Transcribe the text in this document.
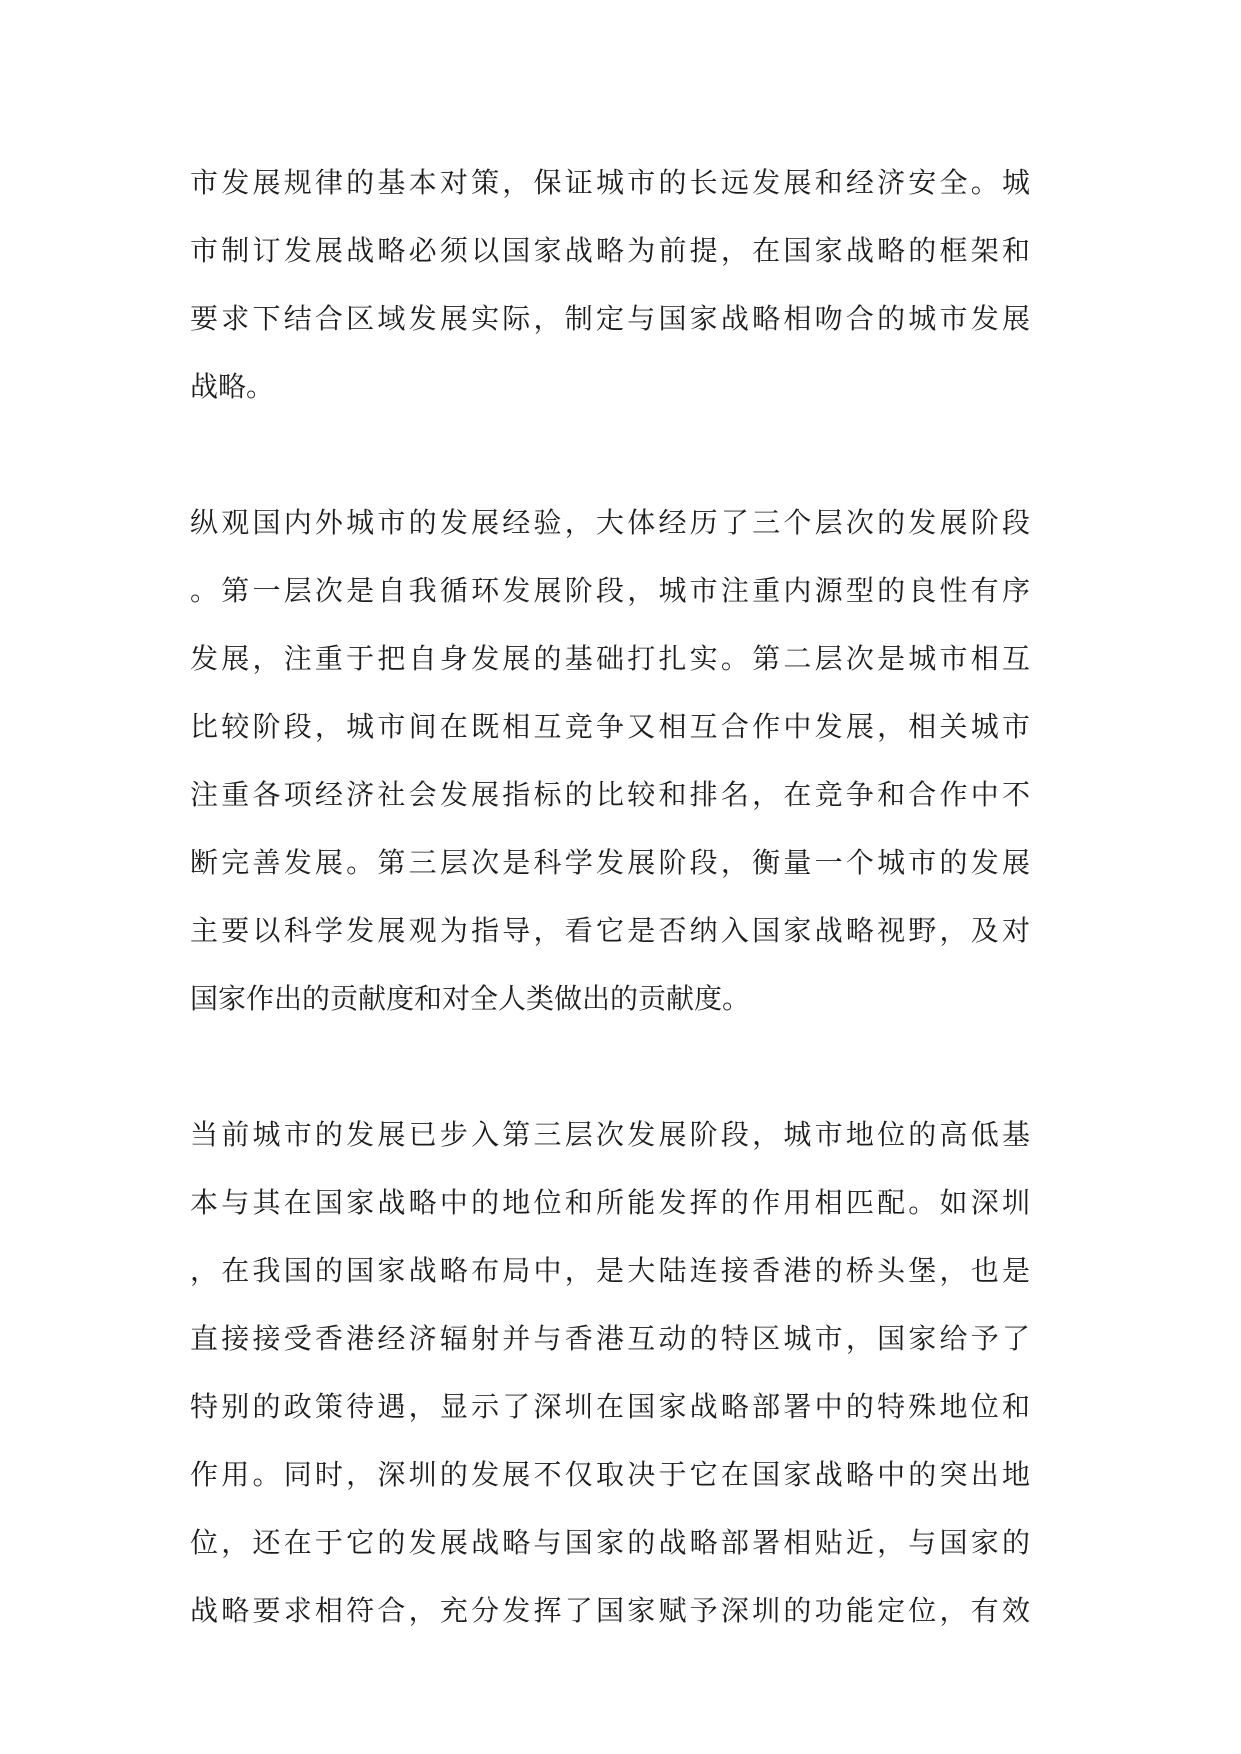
市发展规律的基本对策，保证城市的长远发展和经济安全。城
市制订发展战略必须以国家战略为前提，在国家战略的框架和
要求下结合区域发展实际，制定与国家战略相吻合的城市发展
战略。
纵观国内外城市的发展经验，大体经历了三个层次的发展阶段
。第一层次是自我循环发展阶段，城市注重内源型的良性有序
发展，注重于把自身发展的基础打扎实。第二层次是城市相互
比较阶段，城市间在既相互竞争又相互合作中发展，相关城市
注重各项经济社会发展指标的比较和排名，在竞争和合作中不
断完善发展。第三层次是科学发展阶段，衡量一个城市的发展
主要以科学发展观为指导，看它是否纳入国家战略视野，及对
国家作出的贡献度和对全人类做出的贡献度。
当前城市的发展已步入第三层次发展阶段，城市地位的高低基
本与其在国家战略中的地位和所能发挥的作用相匹配。如深圳
，在我国的国家战略布局中，是大陆连接香港的桥头堡，也是
直接接受香港经济辐射并与香港互动的特区城市，国家给予了
特别的政策待遇，显示了深圳在国家战略部署中的特殊地位和
作用。同时，深圳的发展不仅取决于它在国家战略中的突出地
位，还在于它的发展战略与国家的战略部署相贴近，与国家的
战略要求相符合，充分发挥了国家赋予深圳的功能定位，有效
